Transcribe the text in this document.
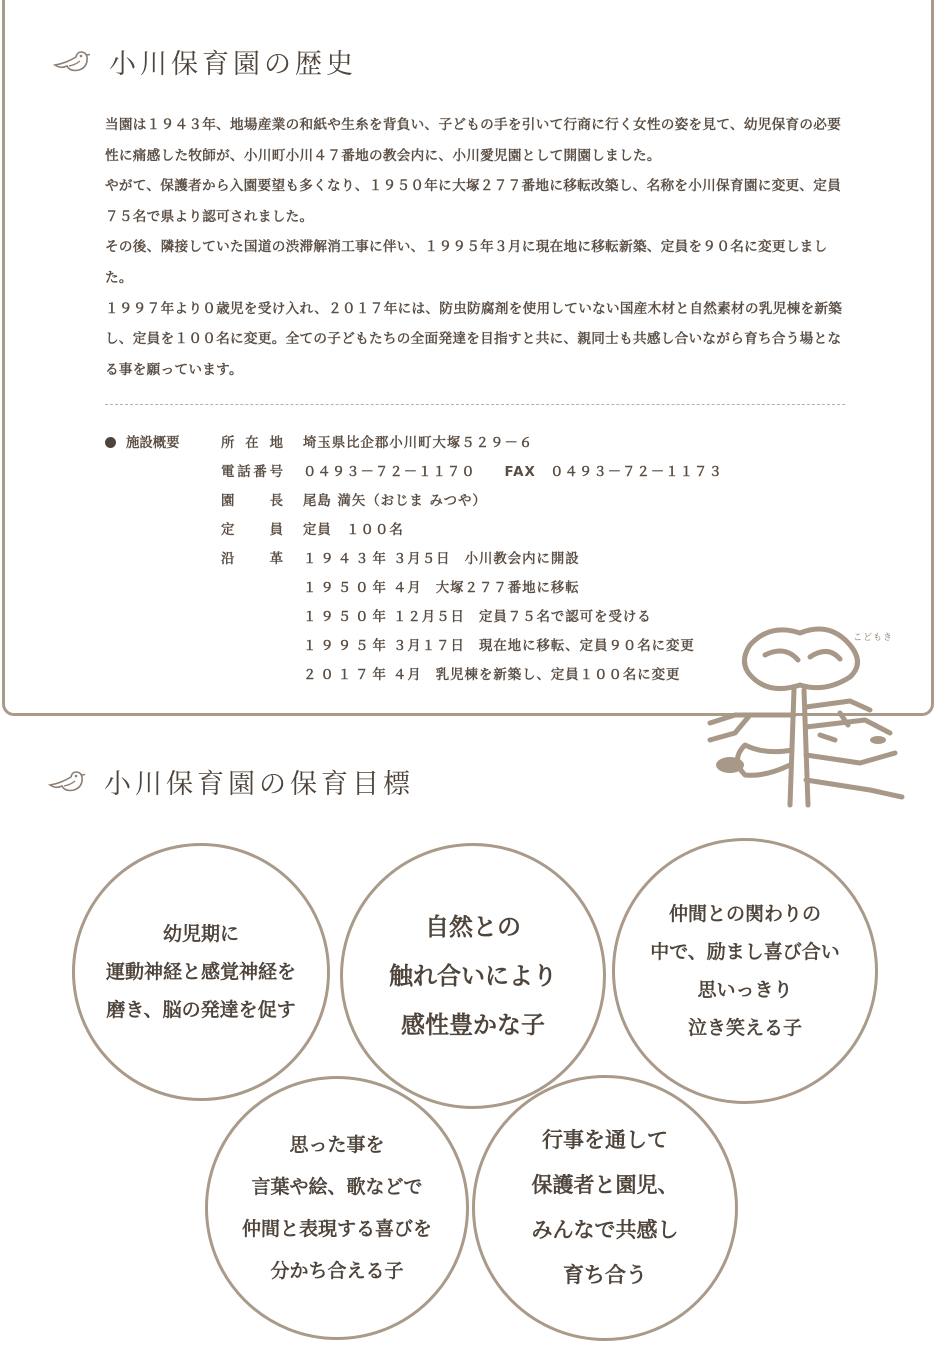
小川保育園の歴史

当園は１９４３年、地場産業の和紙や生糸を背負い、子どもの手を引いて行商に行く女性の姿を見て、幼児保育の必要性に痛感した牧師が、小川町小川４７番地の教会内に、小川愛児園として開園しました。

やがて、保護者から入園要望も多くなり、１９５０年に大塚２７７番地に移転改築し、名称を小川保育園に変更、定員７５名で県より認可されました。

その後、隣接していた国道の渋滞解消工事に伴い、１９９５年３月に現在地に移転新築、定員を９０名に変更しました。

１９９７年より０歳児を受け入れ、２０１７年には、防虫防腐剤を使用していない国産木材と自然素材の乳児棟を新築し、定員を１００名に変更。全ての子どもたちの全面発達を目指すと共に、親同士も共感し合いながら育ち合う場となる事を願っています。

施設概要	所 在 地 埼玉県比企郡小川町大塚５２９－６
電 話 番 号 ０４９３－７２－１１７０　　FAX　０４９３－７２－１１７３
園	長 尾島 満矢（おじま みつや）
定	員 定員　１００名
沿	革 １９４３年 ３月５日 小川教会内に開設
１９５０年 ４月 大塚２７７番地に移転
１９５０年 １２月５日 定員７５名で認可を受ける
１９９５年 ３月１７日 現在地に移転、定員９０名に変更
２０１７年 ４月 乳児棟を新築し、定員１００名に変更
こどもき
小川保育園の保育目標
幼児期に
運動神経と感覚神経を
磨き、脳の発達を促す
自然との
触れ合いにより
感性豊かな子
仲間との関わりの
中で、励まし喜び合い
思いっきり
泣き笑える子
思った事を
言葉や絵、歌などで
仲間と表現する喜びを
分かち合える子
行事を通して
保護者と園児、
みんなで共感し
育ち合う
